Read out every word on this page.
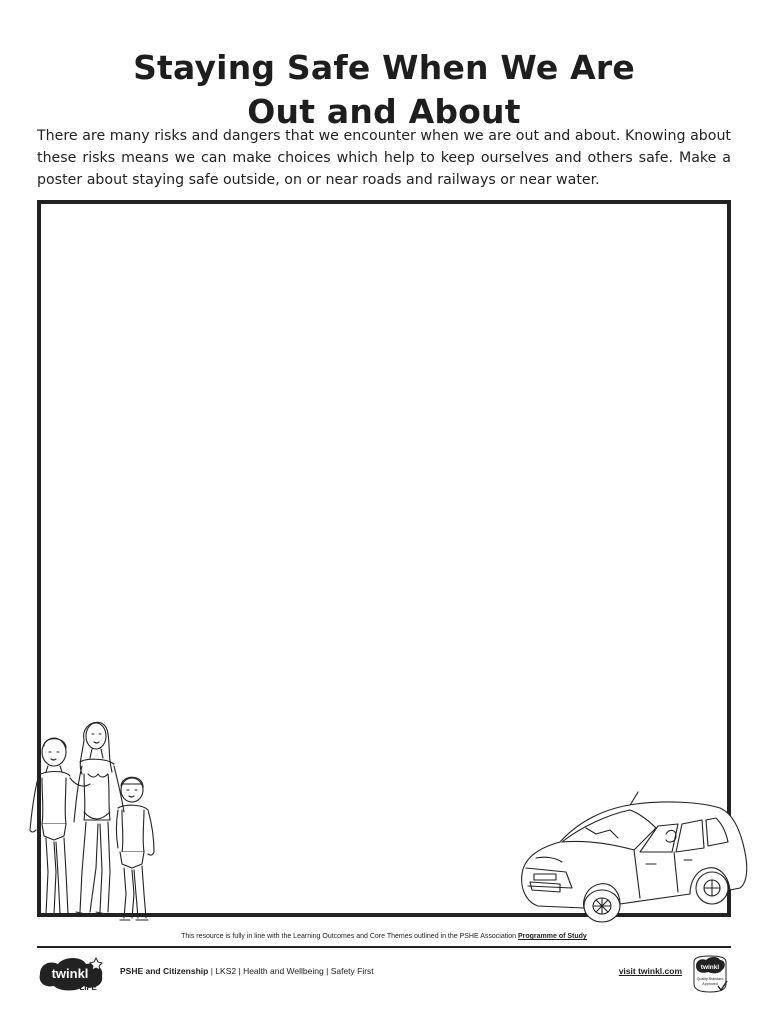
Staying Safe When We Are
Out and About

There are many risks and dangers that we encounter when we are out and about. Knowing about these risks means we can make choices which help to keep ourselves and others safe. Make a poster about staying safe outside, on or near roads and railways or near water.

This resource is fully in line with the Learning Outcomes and Core Themes outlined in the PSHE Association Programme of Study
twinkl
LIFE
PSHE and Citizenship | LKS2 | Health and Wellbeing | Safety First	visit twinkl.com	twinkl
Quality Standard
Approved
